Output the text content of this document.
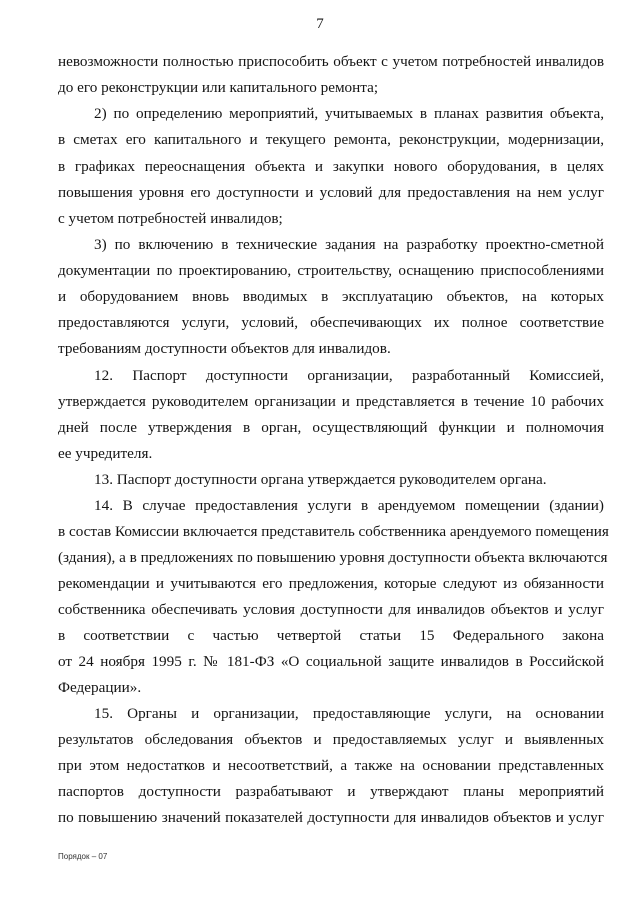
7
невозможности полностью приспособить объект с учетом потребностей инвалидов
до его реконструкции или капитального ремонта;
2) по определению мероприятий, учитываемых в планах развития объекта,
в сметах его капитального и текущего ремонта, реконструкции, модернизации,
в графиках переоснащения объекта и закупки нового оборудования, в целях
повышения уровня его доступности и условий для предоставления на нем услуг
с учетом потребностей инвалидов;
3) по включению в технические задания на разработку проектно-сметной
документации по проектированию, строительству, оснащению приспособлениями
и оборудованием вновь вводимых в эксплуатацию объектов, на которых
предоставляются услуги, условий, обеспечивающих их полное соответствие
требованиям доступности объектов для инвалидов.
12. Паспорт доступности организации, разработанный Комиссией,
утверждается руководителем организации и представляется в течение 10 рабочих
дней после утверждения в орган, осуществляющий функции и полномочия
ее учредителя.
13. Паспорт доступности органа утверждается руководителем органа.
14. В случае предоставления услуги в арендуемом помещении (здании)
в состав Комиссии включается представитель собственника арендуемого помещения
(здания), а в предложениях по повышению уровня доступности объекта включаются
рекомендации и учитываются его предложения, которые следуют из обязанности
собственника обеспечивать условия доступности для инвалидов объектов и услуг
в соответствии с частью четвертой статьи 15 Федерального закона
от 24 ноября 1995 г. № 181-ФЗ «О социальной защите инвалидов в Российской
Федерации».
15. Органы и организации, предоставляющие услуги, на основании
результатов обследования объектов и предоставляемых услуг и выявленных
при этом недостатков и несоответствий, а также на основании представленных
паспортов доступности разрабатывают и утверждают планы мероприятий
по повышению значений показателей доступности для инвалидов объектов и услуг
Порядок – 07
